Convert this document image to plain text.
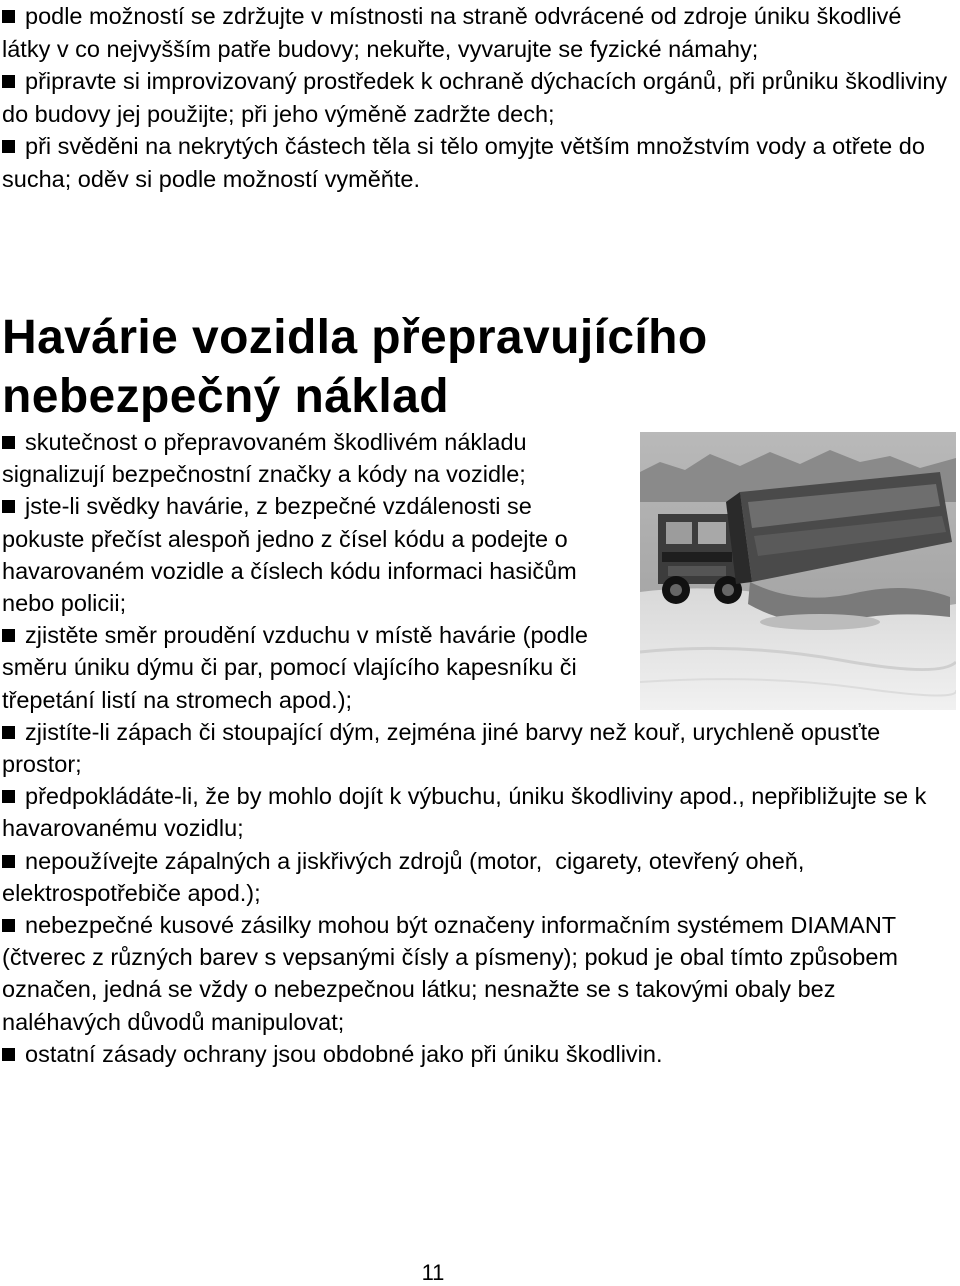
podle možností se zdržujte v místnosti na straně odvrácené od zdroje úniku škodlivé látky v co nejvyšším patře budovy; nekuřte, vyvarujte se fyzické námahy;

připravte si improvizovaný prostředek k ochraně dýchacích orgánů, při průniku škodliviny do budovy jej použijte; při jeho výměně zadržte dech;

při svěděni na nekrytých částech těla si tělo omyjte větším množstvím vody a otřete do sucha; oděv si podle možností vyměňte.

Havárie vozidla přepravujícího
nebezpečný náklad

skutečnost o přepravovaném škodlivém nákladu signalizují bezpečnostní značky a kódy na vozidle;

jste-li svědky havárie, z bezpečné vzdálenosti se pokuste přečíst alespoň jedno z čísel kódu a podejte o havarovaném vozidle a číslech kódu informaci hasičům nebo policii;

zjistěte směr proudění vzduchu v místě havárie (podle směru úniku dýmu či par, pomocí vlajícího kapesníku či třepetání listí na stromech apod.);

zjistíte-li zápach či stoupající dým, zejména jiné barvy než kouř, urychleně opusťte prostor;

předpokládáte-li, že by mohlo dojít k výbuchu, úniku škodliviny apod., nepřibližujte se k havarovanému vozidlu;

nepoužívejte zápalných a jiskřivých zdrojů (motor,  cigarety, otevřený oheň,  elektrospotřebiče apod.);

nebezpečné kusové zásilky mohou být označeny informačním systémem DIAMANT (čtverec z různých barev s vepsanými čísly a písmeny); pokud je obal tímto způsobem označen, jedná se vždy o nebezpečnou látku; nesnažte se s takovými obaly bez naléhavých důvodů manipulovat;

ostatní zásady ochrany jsou obdobné jako při úniku škodlivin.

11
